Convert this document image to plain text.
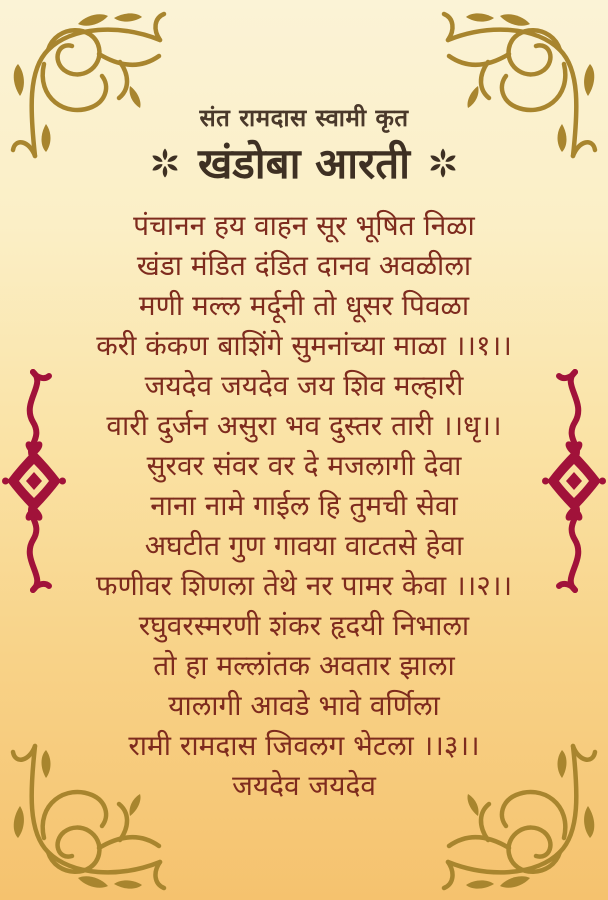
संत रामदास स्वामी कृत
खंडोबा आरती
पंचानन हय वाहन सूर भूषित निळा
खंडा मंडित दंडित दानव अवळीला
मणी मल्ल मर्दूनी तो धूसर पिवळा
करी कंकण बाशिंगे सुमनांच्या माळा ।।१।।
जयदेव जयदेव जय शिव मल्हारी
वारी दुर्जन असुरा भव दुस्तर तारी ।।धृ।।
सुरवर संवर वर दे मजलागी देवा
नाना नामे गाईल हि तुमची सेवा
अघटीत गुण गावया वाटतसे हेवा
फणीवर शिणला तेथे नर पामर केवा ।।२।।
रघुवरस्मरणी शंकर हृदयी निभाला
तो हा मल्लांतक अवतार झाला
यालागी आवडे भावे वर्णिला
रामी रामदास जिवलग भेटला ।।३।।
जयदेव जयदेव
